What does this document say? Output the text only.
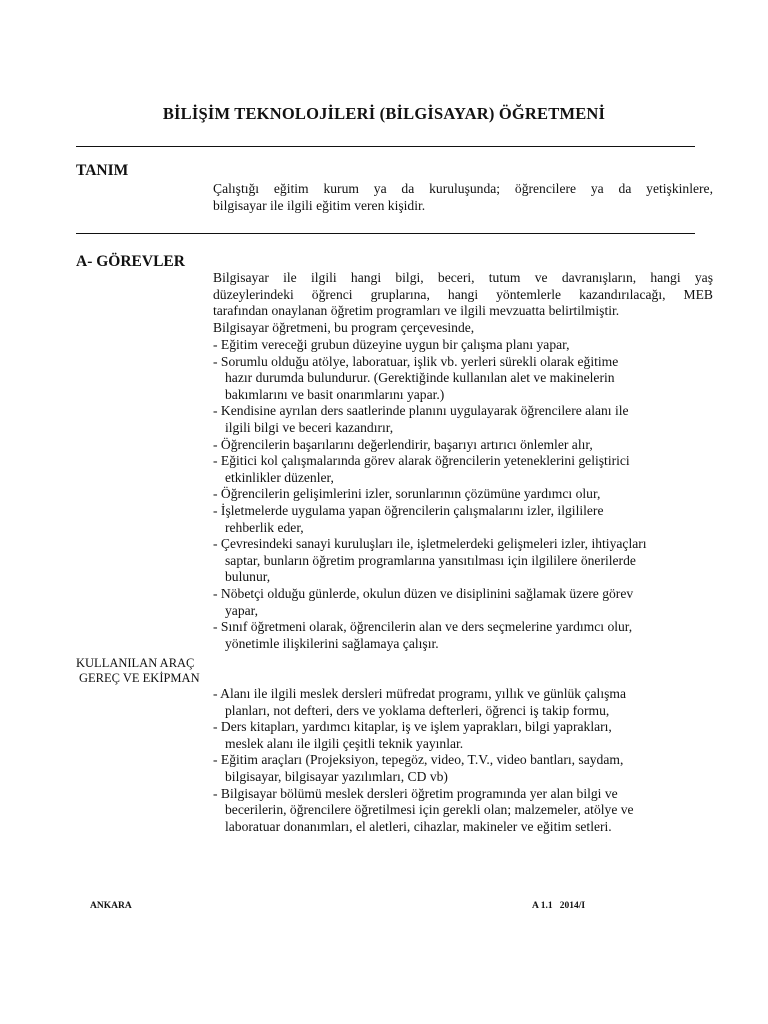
BİLİŞİM TEKNOLOJİLERİ (BİLGİSAYAR) ÖĞRETMENİ
TANIM
Çalıştığı eğitim kurum ya da kuruluşunda; öğrencilere ya da yetişkinlere,
bilgisayar ile ilgili eğitim veren kişidir.
A- GÖREVLER
Bilgisayar ile ilgili hangi bilgi, beceri, tutum ve davranışların, hangi yaş
düzeylerindeki öğrenci gruplarına, hangi yöntemlerle kazandırılacağı, MEB
tarafından onaylanan öğretim programları ve ilgili mevzuatta belirtilmiştir.
Bilgisayar öğretmeni, bu program çerçevesinde,
- Eğitim vereceği grubun düzeyine uygun bir çalışma planı yapar,
- Sorumlu olduğu atölye, laboratuar, işlik vb. yerleri sürekli olarak eğitime
hazır durumda bulundurur. (Gerektiğinde kullanılan alet ve makinelerin
bakımlarını ve basit onarımlarını yapar.)
- Kendisine ayrılan ders saatlerinde planını uygulayarak öğrencilere alanı ile
ilgili bilgi ve beceri kazandırır,
- Öğrencilerin başarılarını değerlendirir, başarıyı artırıcı önlemler alır,
- Eğitici kol çalışmalarında görev alarak öğrencilerin yeteneklerini geliştirici
etkinlikler düzenler,
- Öğrencilerin gelişimlerini izler, sorunlarının çözümüne yardımcı olur,
- İşletmelerde uygulama yapan öğrencilerin çalışmalarını izler, ilgililere
rehberlik eder,
- Çevresindeki sanayi kuruluşları ile, işletmelerdeki gelişmeleri izler, ihtiyaçları
saptar, bunların öğretim programlarına yansıtılması için ilgililere önerilerde
bulunur,
- Nöbetçi olduğu günlerde, okulun düzen ve disiplinini sağlamak üzere görev
yapar,
- Sınıf öğretmeni olarak, öğrencilerin alan ve ders seçmelerine yardımcı olur,
yönetimle ilişkilerini sağlamaya çalışır.
KULLANILAN ARAÇ
GEREÇ VE EKİPMAN
- Alanı ile ilgili meslek dersleri müfredat programı, yıllık ve günlük çalışma
planları, not defteri, ders ve yoklama defterleri, öğrenci iş takip formu,
- Ders kitapları, yardımcı kitaplar, iş ve işlem yaprakları, bilgi yaprakları,
meslek alanı ile ilgili çeşitli teknik yayınlar.
- Eğitim araçları (Projeksiyon, tepegöz, video, T.V., video bantları, saydam,
bilgisayar, bilgisayar yazılımları, CD vb)
- Bilgisayar bölümü meslek dersleri öğretim programında yer alan bilgi ve
becerilerin, öğrencilere öğretilmesi için gerekli olan; malzemeler, atölye ve
laboratuar donanımları, el aletleri, cihazlar, makineler ve eğitim setleri.
ANKARA	A 1.1   2014/I
